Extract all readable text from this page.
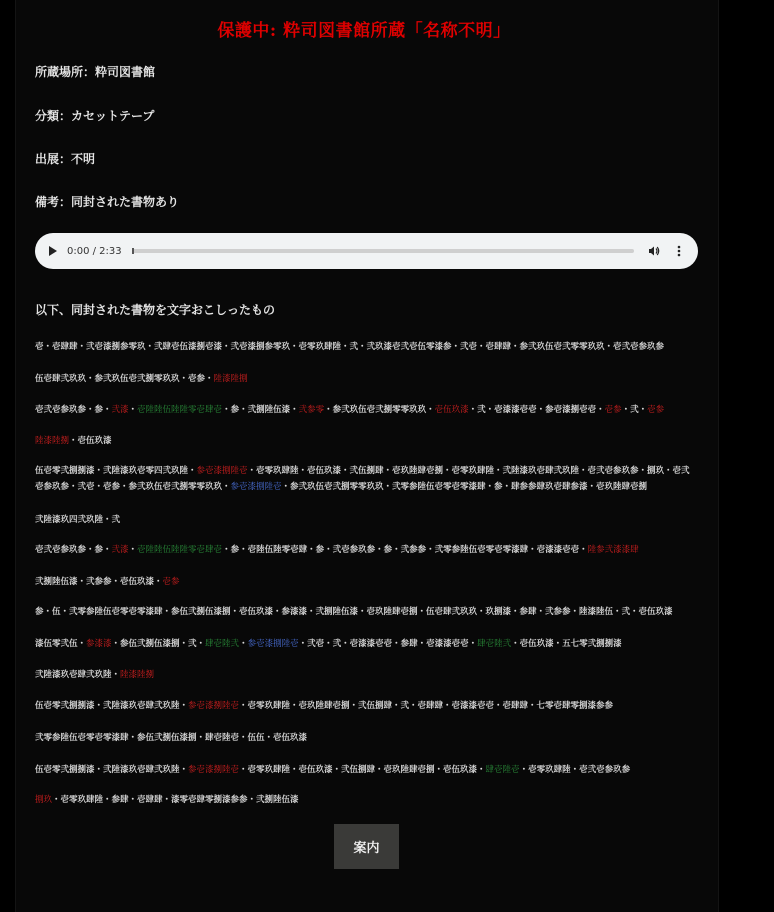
保護中: 粋司図書館所蔵「名称不明」
所蔵場所：粋司図書館
分類：カセットテープ
出展：不明
備考：同封された書物あり
0:00 / 2:33
以下、同封された書物を文字おこしったもの
壱・壱肆肆・弐壱漆捌参零玖・弐肆壱伍漆捌壱漆・弐壱漆捌参零玖・壱零玖肆陸・弐・弐玖漆壱弐壱伍零漆参・弐壱・壱肆肆・参弐玖伍壱弐零零玖玖・壱弐壱参玖参
伍壱肆弐玖玖・参弐玖伍壱弐捌零玖玖・壱参・陸漆陸捌
壱弐壱参玖参・参・弐漆・壱陸陸伍陸陸零壱肆壱・参・弐捌陸伍漆・弐参零・参弐玖伍壱弐捌零零玖玖・壱伍玖漆・弐・壱漆漆壱壱・参壱漆捌壱壱・壱参・弐・壱参
陸漆陸捌・壱伍玖漆
伍壱零弐捌捌漆・弐陸漆玖壱零四弐玖陸・参壱漆捌陸壱・壱零玖肆陸・壱伍玖漆・弐伍捌肆・壱玖陸肆壱捌・壱零玖肆陸・弐陸漆玖壱肆弐玖陸・壱弐壱参玖参・捌玖・壱弐壱参玖参・弐壱・壱参・参弐玖伍壱弐捌零零玖玖・参壱漆捌陸壱・参弐玖伍壱弐捌零零玖玖・弐零参陸伍壱零壱零漆肆・参・肆参参肆玖壱肆参漆・壱玖陸肆壱捌
弐陸漆玖四弐玖陸・弐
壱弐壱参玖参・参・弐漆・壱陸陸伍陸陸零壱肆壱・参・壱陸伍陸零壱肆・参・弐壱参玖参・参・弐参参・弐零参陸伍壱零壱零漆肆・壱漆漆壱壱・陸参弐漆漆肆
弐捌陸伍漆・弐参参・壱伍玖漆・壱参
参・伍・弐零参陸伍壱零壱零漆肆・参伍弐捌伍漆捌・壱伍玖漆・参漆漆・弐捌陸伍漆・壱玖陸肆壱捌・伍壱肆弐玖玖・玖捌漆・参肆・弐参参・陸漆陸伍・弐・壱伍玖漆
漆伍零弐伍・参漆漆・参伍弐捌伍漆捌・弐・肆壱陸弐・参壱漆捌陸壱・弐壱・弐・壱漆漆壱壱・参肆・壱漆漆壱壱・肆壱陸弐・壱伍玖漆・五七零弐捌捌漆
弐陸漆玖壱肆弐玖陸・陸漆陸捌
伍壱零弐捌捌漆・弐陸漆玖壱肆弐玖陸・参壱漆捌陸壱・壱零玖肆陸・壱玖陸肆壱捌・弐伍捌肆・弐・壱肆肆・壱漆漆壱壱・壱肆肆・七零壱肆零捌漆参参
弐零参陸伍壱零壱零漆肆・参伍弐捌伍漆捌・肆壱陸壱・伍伍・壱伍玖漆
伍壱零弐捌捌漆・弐陸漆玖壱肆弐玖陸・参壱漆捌陸壱・壱零玖肆陸・壱伍玖漆・弐伍捌肆・壱玖陸肆壱捌・壱伍玖漆・肆壱陸壱・壱零玖肆陸・壱弐壱参玖参
捌玖・壱零玖肆陸・参肆・壱肆肆・漆零壱肆零捌漆参参・弐捌陸伍漆
案内
